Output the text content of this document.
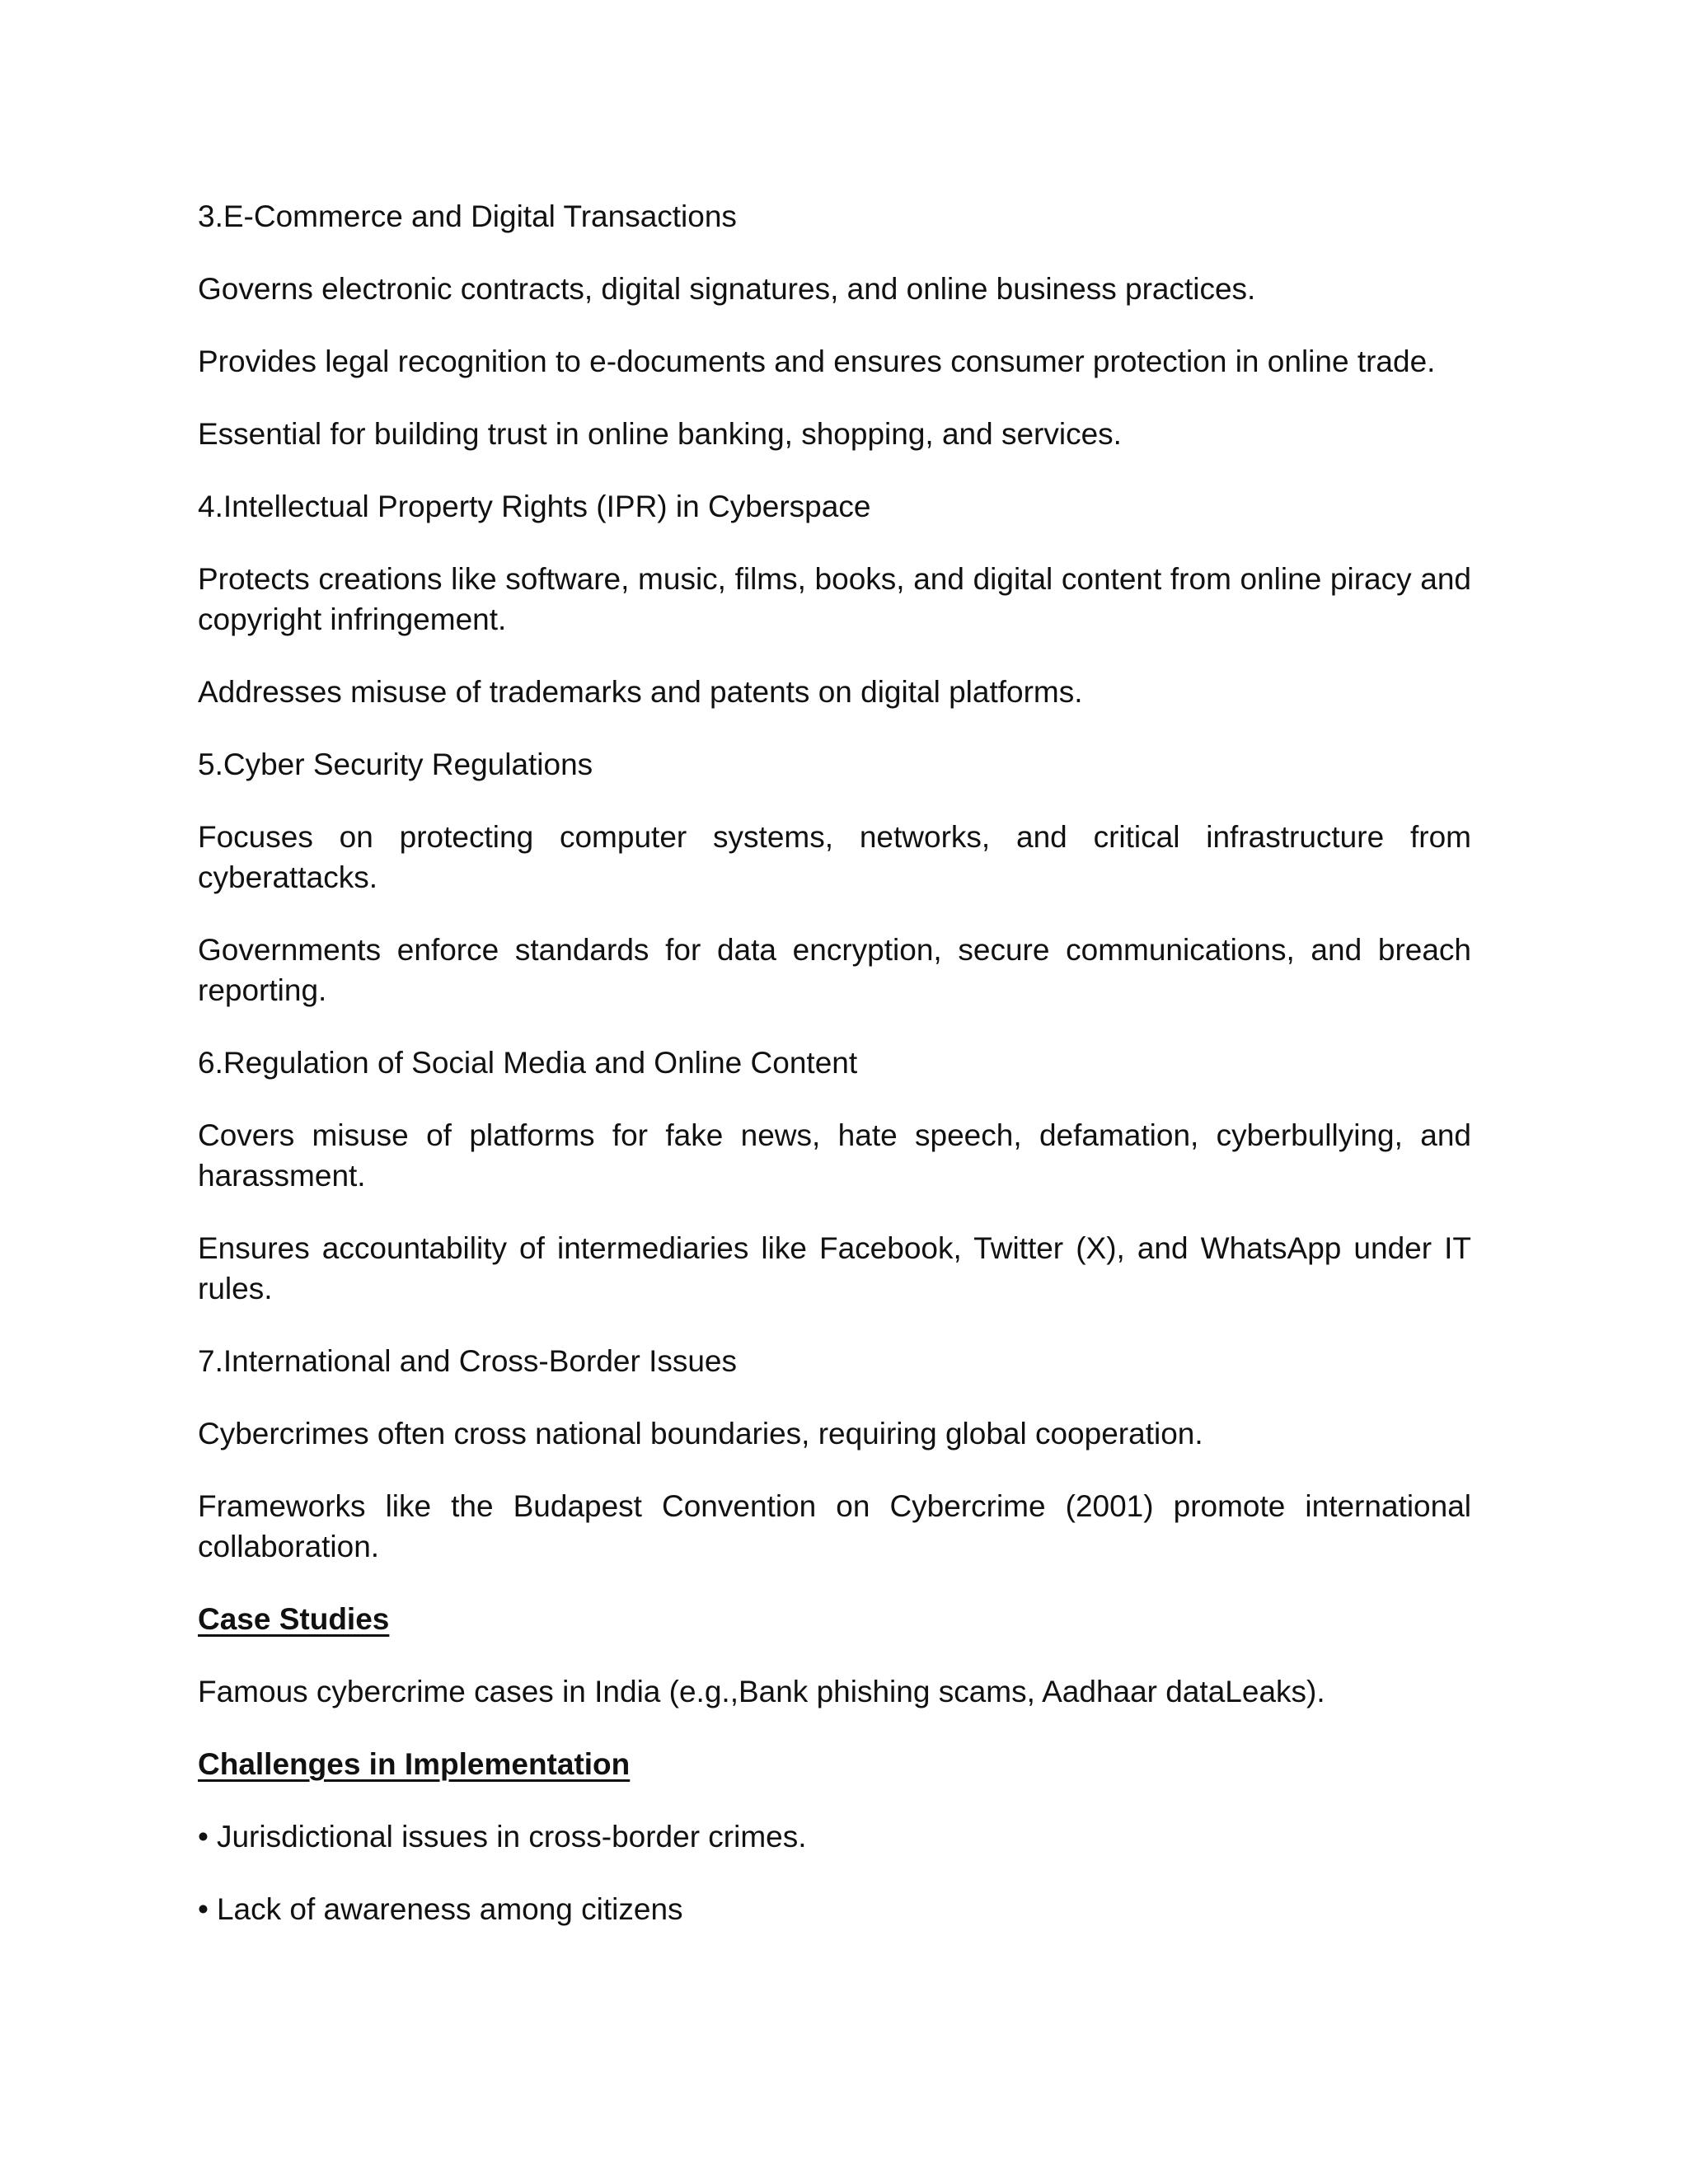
3.E-Commerce and Digital Transactions

Governs electronic contracts, digital signatures, and online business practices.

Provides legal recognition to e-documents and ensures consumer protection in online trade.

Essential for building trust in online banking, shopping, and services.

4.Intellectual Property Rights (IPR) in Cyberspace

Protects creations like software, music, films, books, and digital content from online piracy and copyright infringement.

Addresses misuse of trademarks and patents on digital platforms.

5.Cyber Security Regulations

Focuses on protecting computer systems, networks, and critical infrastructure from cyberattacks.

Governments enforce standards for data encryption, secure communications, and breach reporting.

6.Regulation of Social Media and Online Content

Covers misuse of platforms for fake news, hate speech, defamation, cyberbullying, and harassment.

Ensures accountability of intermediaries like Facebook, Twitter (X), and WhatsApp under IT rules.

7.International and Cross-Border Issues

Cybercrimes often cross national boundaries, requiring global cooperation.

Frameworks like the Budapest Convention on Cybercrime (2001) promote international collaboration.

Case Studies

Famous cybercrime cases in India (e.g.,Bank phishing scams, Aadhaar dataLeaks).

Challenges in Implementation

• Jurisdictional issues in cross-border crimes.

• Lack of awareness among citizens
